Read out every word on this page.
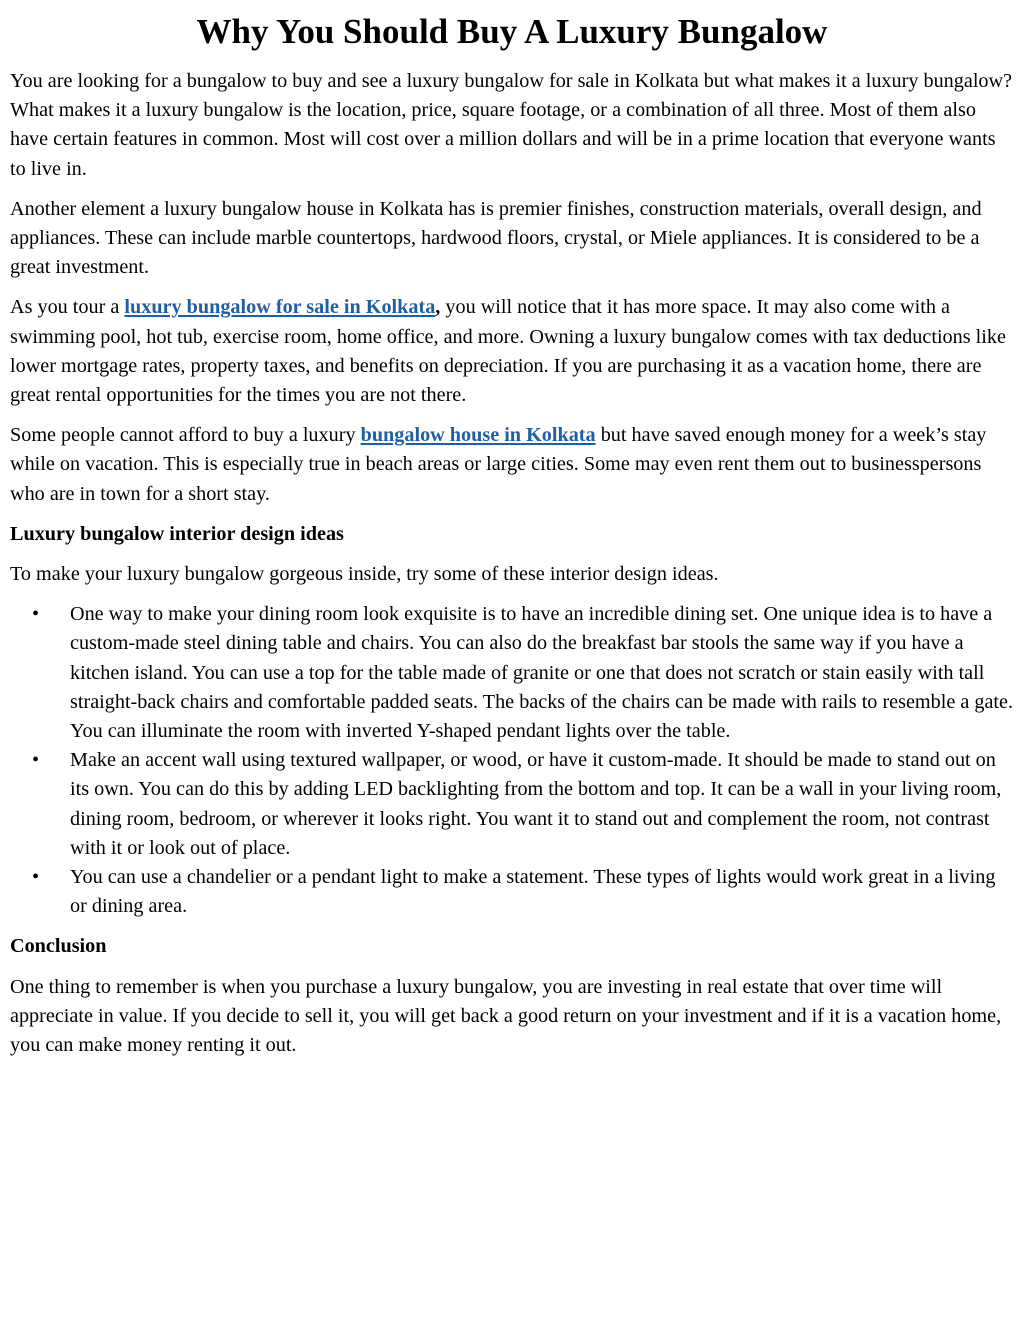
Why You Should Buy A Luxury Bungalow

You are looking for a bungalow to buy and see a luxury bungalow for sale in Kolkata but what makes it a luxury bungalow? What makes it a luxury bungalow is the location, price, square footage, or a combination of all three. Most of them also have certain features in common. Most will cost over a million dollars and will be in a prime location that everyone wants to live in.

Another element a luxury bungalow house in Kolkata has is premier finishes, construction materials, overall design, and appliances. These can include marble countertops, hardwood floors, crystal, or Miele appliances. It is considered to be a great investment.

As you tour a luxury bungalow for sale in Kolkata, you will notice that it has more space. It may also come with a swimming pool, hot tub, exercise room, home office, and more. Owning a luxury bungalow comes with tax deductions like lower mortgage rates, property taxes, and benefits on depreciation. If you are purchasing it as a vacation home, there are great rental opportunities for the times you are not there.

Some people cannot afford to buy a luxury bungalow house in Kolkata but have saved enough money for a week’s stay while on vacation. This is especially true in beach areas or large cities. Some may even rent them out to businesspersons who are in town for a short stay.

Luxury bungalow interior design ideas

To make your luxury bungalow gorgeous inside, try some of these interior design ideas.

• One way to make your dining room look exquisite is to have an incredible dining set. One unique idea is to have a custom-made steel dining table and chairs. You can also do the breakfast bar stools the same way if you have a kitchen island. You can use a top for the table made of granite or one that does not scratch or stain easily with tall straight-back chairs and comfortable padded seats. The backs of the chairs can be made with rails to resemble a gate. You can illuminate the room with inverted Y-shaped pendant lights over the table.
• Make an accent wall using textured wallpaper, or wood, or have it custom-made. It should be made to stand out on its own. You can do this by adding LED backlighting from the bottom and top. It can be a wall in your living room, dining room, bedroom, or wherever it looks right. You want it to stand out and complement the room, not contrast with it or look out of place.
• You can use a chandelier or a pendant light to make a statement. These types of lights would work great in a living or dining area.

Conclusion

One thing to remember is when you purchase a luxury bungalow, you are investing in real estate that over time will appreciate in value. If you decide to sell it, you will get back a good return on your investment and if it is a vacation home, you can make money renting it out.
